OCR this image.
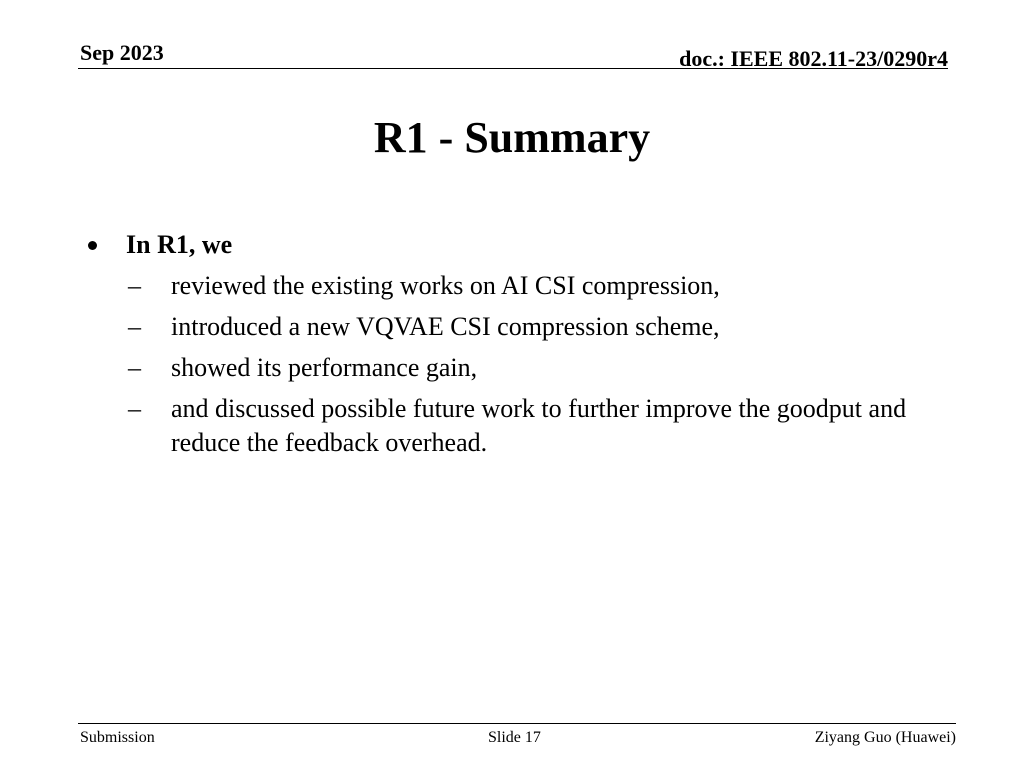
Sep 2023	doc.: IEEE 802.11-23/0290r4
R1 - Summary
In R1, we
– reviewed the existing works on AI CSI compression,
– introduced a new VQVAE CSI compression scheme,
– showed its performance gain,
– and discussed possible future work to further improve the goodput and reduce the feedback overhead.
Submission	Slide 17	Ziyang Guo (Huawei)
